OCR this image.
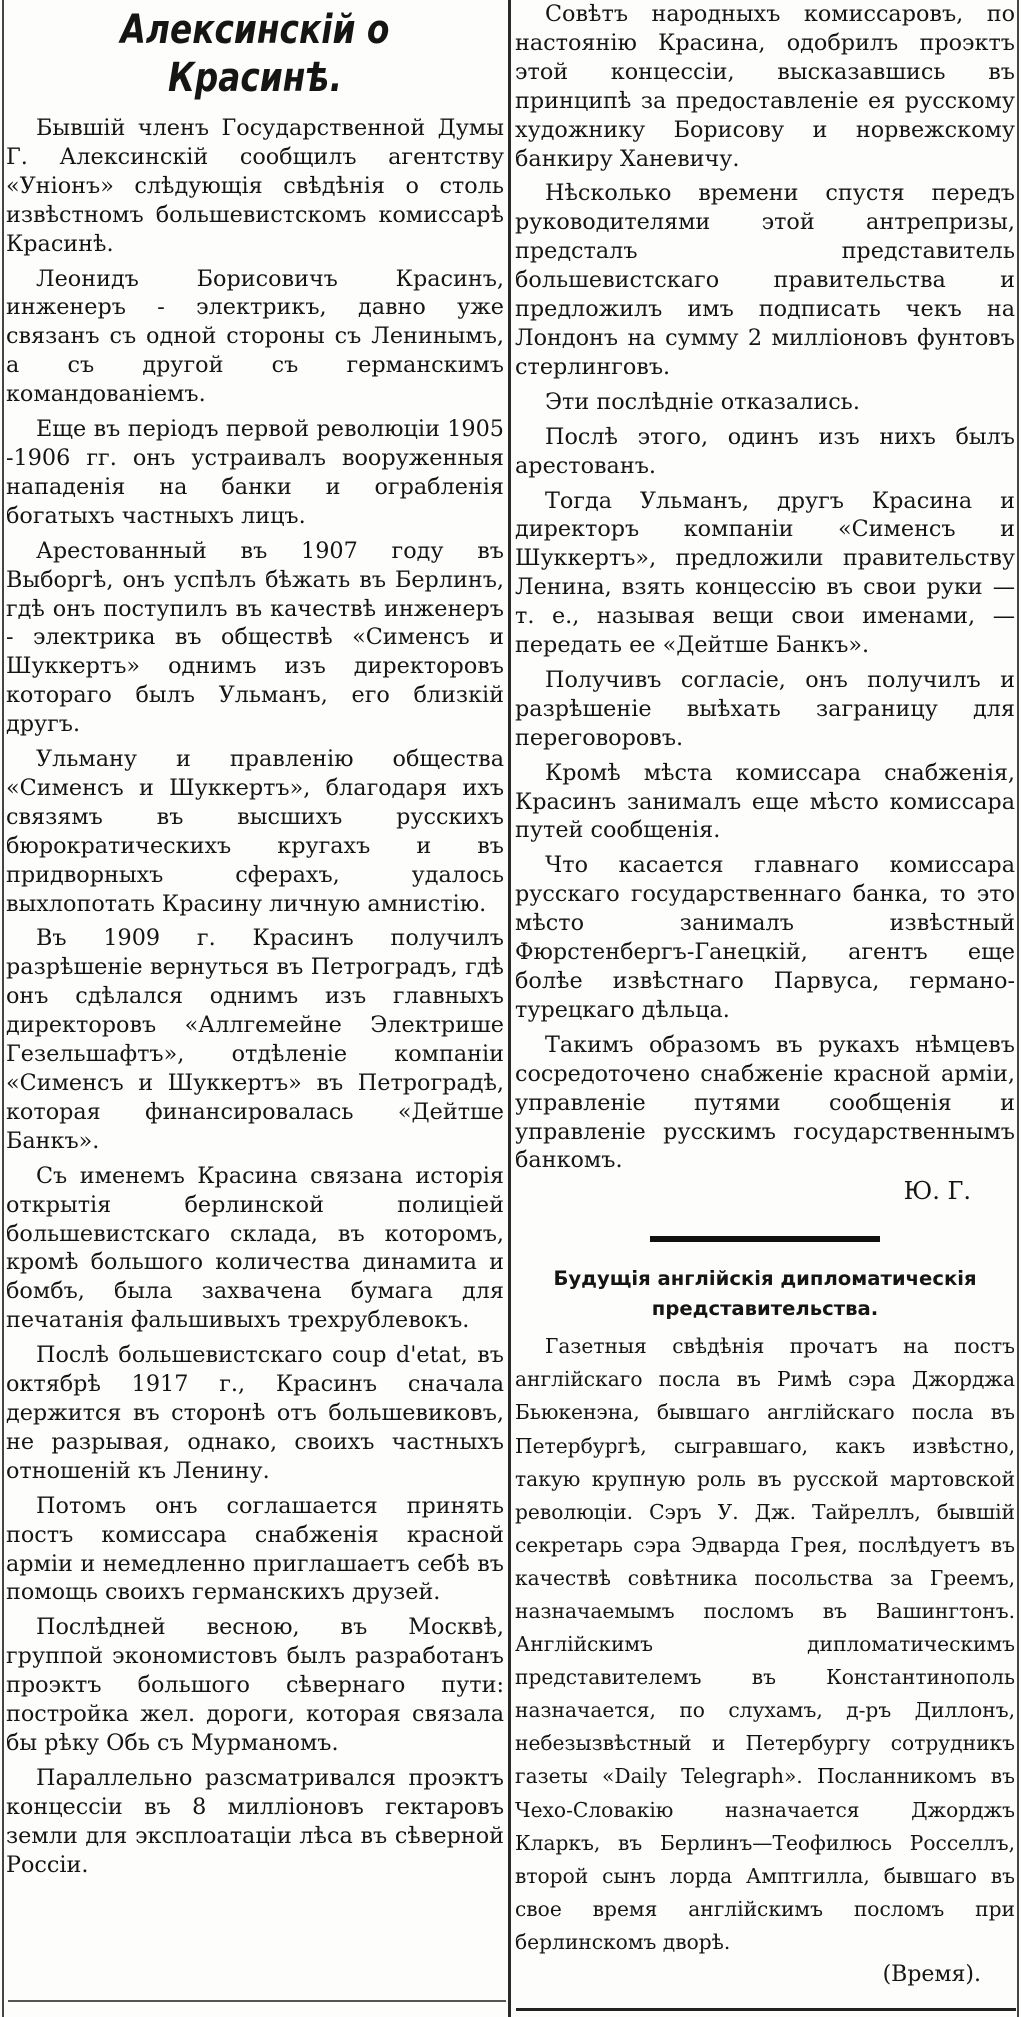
Алексинскій о Красинѣ.

Бывшій членъ Государственной Думы Г. Алексинскій сообщилъ агентству «Уніонъ» слѣдующія свѣдѣнія о столь извѣстномъ большевистскомъ комиссарѣ Красинѣ.

Леонидъ Борисовичъ Красинъ, инженеръ - электрикъ, давно уже связанъ съ одной стороны съ Ленинымъ, а съ другой съ германскимъ командованіемъ.

Еще въ періодъ первой революціи 1905 -1906 гг. онъ устраивалъ вооруженныя нападенія на банки и ограбленія богатыхъ частныхъ лицъ.

Арестованный въ 1907 году въ Выборгѣ, онъ успѣлъ бѣжать въ Берлинъ, гдѣ онъ поступилъ въ качествѣ инженеръ - электрика въ обществѣ «Сименсъ и Шуккертъ» однимъ изъ директоровъ котораго былъ Ульманъ, его близкій другъ.

Ульману и правленію общества «Сименсъ и Шуккертъ», благодаря ихъ связямъ въ высшихъ русскихъ бюрократическихъ кругахъ и въ придворныхъ сферахъ, удалось выхлопотать Красину личную амнистію.

Въ 1909 г. Красинъ получилъ разрѣшеніе вернуться въ Петроградъ, гдѣ онъ сдѣлался однимъ изъ главныхъ директоровъ «Аллгемейне Электрише Гезельшафтъ», отдѣленіе компаніи «Сименсъ и Шуккертъ» въ Петроградѣ, которая финансировалась «Дейтше Банкъ».

Съ именемъ Красина связана исторія открытія берлинской полиціей большевистскаго склада, въ которомъ, кромѣ большого количества динамита и бомбъ, была захвачена бумага для печатанія фальшивыхъ трехрублевокъ.

Послѣ большевистскаго coup d'etat, въ октябрѣ 1917 г., Красинъ сначала держится въ сторонѣ отъ большевиковъ, не разрывая, однако, своихъ частныхъ отношеній къ Ленину.

Потомъ онъ соглашается принять постъ комиссара снабженія красной арміи и немедленно приглашаетъ себѣ въ помощь своихъ германскихъ друзей.

Послѣдней весною, въ Москвѣ, группой экономистовъ былъ разработанъ проэктъ большого сѣвернаго пути: постройка жел. дороги, которая связала бы рѣку Обь съ Мурманомъ.

Параллельно разсматривался проэктъ концессіи въ 8 милліоновъ гектаровъ земли для эксплоатаціи лѣса въ сѣверной Россіи.

Совѣтъ народныхъ комиссаровъ, по настоянію Красина, одобрилъ проэктъ этой концессіи, высказавшись въ принципѣ за предоставленіе ея русскому художнику Борисову и норвежскому банкиру Ханевичу.

Нѣсколько времени спустя передъ руководителями этой антрепризы, предсталъ представитель большевистскаго правительства и предложилъ имъ подписать чекъ на Лондонъ на сумму 2 милліоновъ фунтовъ стерлинговъ.

Эти послѣдніе отказались.

Послѣ этого, одинъ изъ нихъ былъ арестованъ.

Тогда Ульманъ, другъ Красина и директоръ компаніи «Сименсъ и Шуккертъ», предложили правительству Ленина, взять концессію въ свои руки — т. е., называя вещи свои именами, — передать ее «Дейтше Банкъ».

Получивъ согласіе, онъ получилъ и разрѣшеніе выѣхать заграницу для переговоровъ.

Кромѣ мѣста комиссара снабженія, Красинъ занималъ еще мѣсто комиссара путей сообщенія.

Что касается главнаго комиссара русскаго государственнаго банка, то это мѣсто занималъ извѣстный Фюрстенбергъ-Ганецкій, агентъ еще болѣе извѣстнаго Парвуса, германо-турецкаго дѣльца.

Такимъ образомъ въ рукахъ нѣмцевъ сосредоточено снабженіе красной арміи, управленіе путями сообщенія и управленіе русскимъ государственнымъ банкомъ.

Ю. Г.

Будущія англійскія дипломатическія представительства.

Газетныя свѣдѣнія прочатъ на постъ англійскаго посла въ Римѣ сэра Джорджа Бьюкенэна, бывшаго англійскаго посла въ Петербургѣ, сыгравшаго, какъ извѣстно, такую крупную роль въ русской мартовской революціи. Сэръ У. Дж. Тайреллъ, бывшій секретарь сэра Эдварда Грея, послѣдуетъ въ качествѣ совѣтника посольства за Греемъ, назначаемымъ посломъ въ Вашингтонъ. Англійскимъ дипломатическимъ представителемъ въ Константинополь назначается, по слухамъ, д-ръ Диллонъ, небезызвѣстный и Петербургу сотрудникъ газеты «Daily Telegraph». Посланникомъ въ Чехо-Словакію назначается Джорджъ Кларкъ, въ Берлинъ—Теофилюсь Росселлъ, второй сынъ лорда Амптгилла, бывшаго въ свое время англійскимъ посломъ при берлинскомъ дворѣ.

(Время).
